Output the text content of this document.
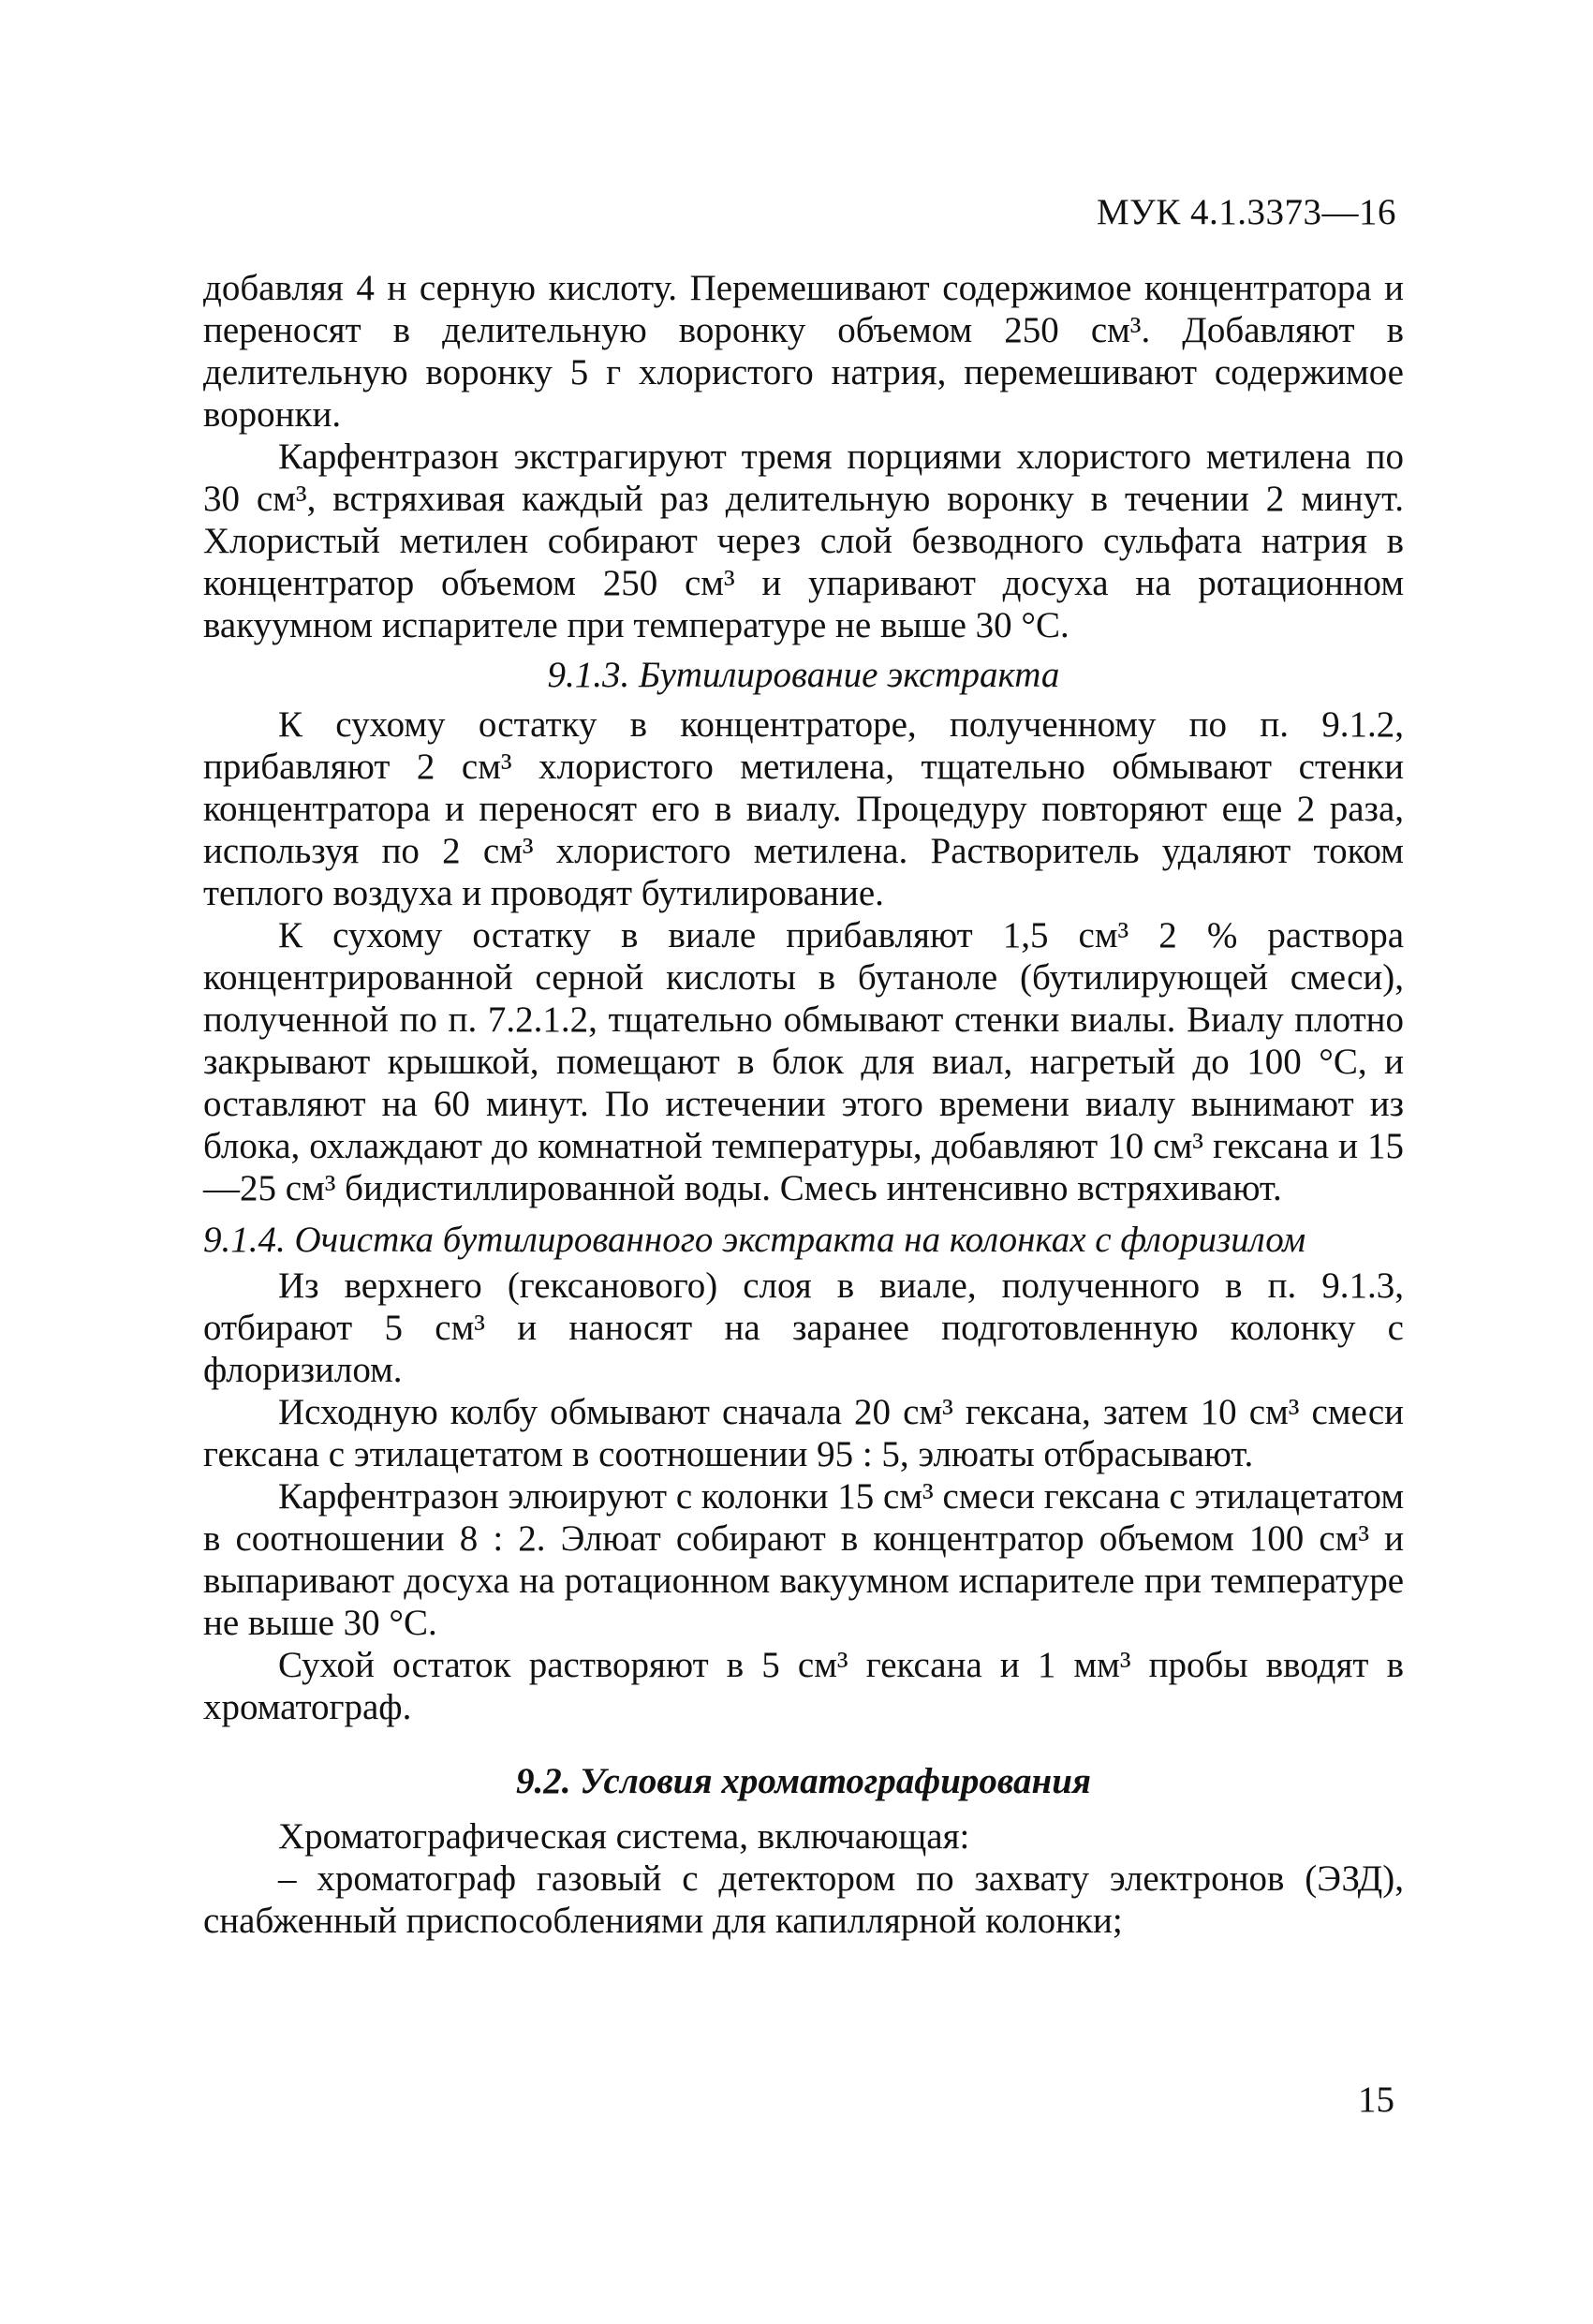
МУК 4.1.3373—16

добавляя 4 н серную кислоту. Перемешивают содержимое концентратора и переносят в делительную воронку объемом 250 см³. Добавляют в делительную воронку 5 г хлористого натрия, перемешивают содержимое воронки.

Карфентразон экстрагируют тремя порциями хлористого метилена по 30 см³, встряхивая каждый раз делительную воронку в течении 2 минут. Хлористый метилен собирают через слой безводного сульфата натрия в концентратор объемом 250 см³ и упаривают досуха на ротационном вакуумном испарителе при температуре не выше 30 °C.

9.1.3. Бутилирование экстракта

К сухому остатку в концентраторе, полученному по п. 9.1.2, прибавляют 2 см³ хлористого метилена, тщательно обмывают стенки концентратора и переносят его в виалу. Процедуру повторяют еще 2 раза, используя по 2 см³ хлористого метилена. Растворитель удаляют током теплого воздуха и проводят бутилирование.

К сухому остатку в виале прибавляют 1,5 см³ 2 % раствора концентрированной серной кислоты в бутаноле (бутилирующей смеси), полученной по п. 7.2.1.2, тщательно обмывают стенки виалы. Виалу плотно закрывают крышкой, помещают в блок для виал, нагретый до 100 °C, и оставляют на 60 минут. По истечении этого времени виалу вынимают из блока, охлаждают до комнатной температуры, добавляют 10 см³ гексана и 15—25 см³ бидистиллированной воды. Смесь интенсивно встряхивают.

9.1.4. Очистка бутилированного экстракта на колонках с флоризилом

Из верхнего (гексанового) слоя в виале, полученного в п. 9.1.3, отбирают 5 см³ и наносят на заранее подготовленную колонку с флоризилом.

Исходную колбу обмывают сначала 20 см³ гексана, затем 10 см³ смеси гексана с этилацетатом в соотношении 95 : 5, элюаты отбрасывают.

Карфентразон элюируют с колонки 15 см³ смеси гексана с этилацетатом в соотношении 8 : 2. Элюат собирают в концентратор объемом 100 см³ и выпаривают досуха на ротационном вакуумном испарителе при температуре не выше 30 °C.

Сухой остаток растворяют в 5 см³ гексана и 1 мм³ пробы вводят в хроматограф.

9.2. Условия хроматографирования

Хроматографическая система, включающая:

– хроматограф газовый с детектором по захвату электронов (ЭЗД), снабженный приспособлениями для капиллярной колонки;

15
